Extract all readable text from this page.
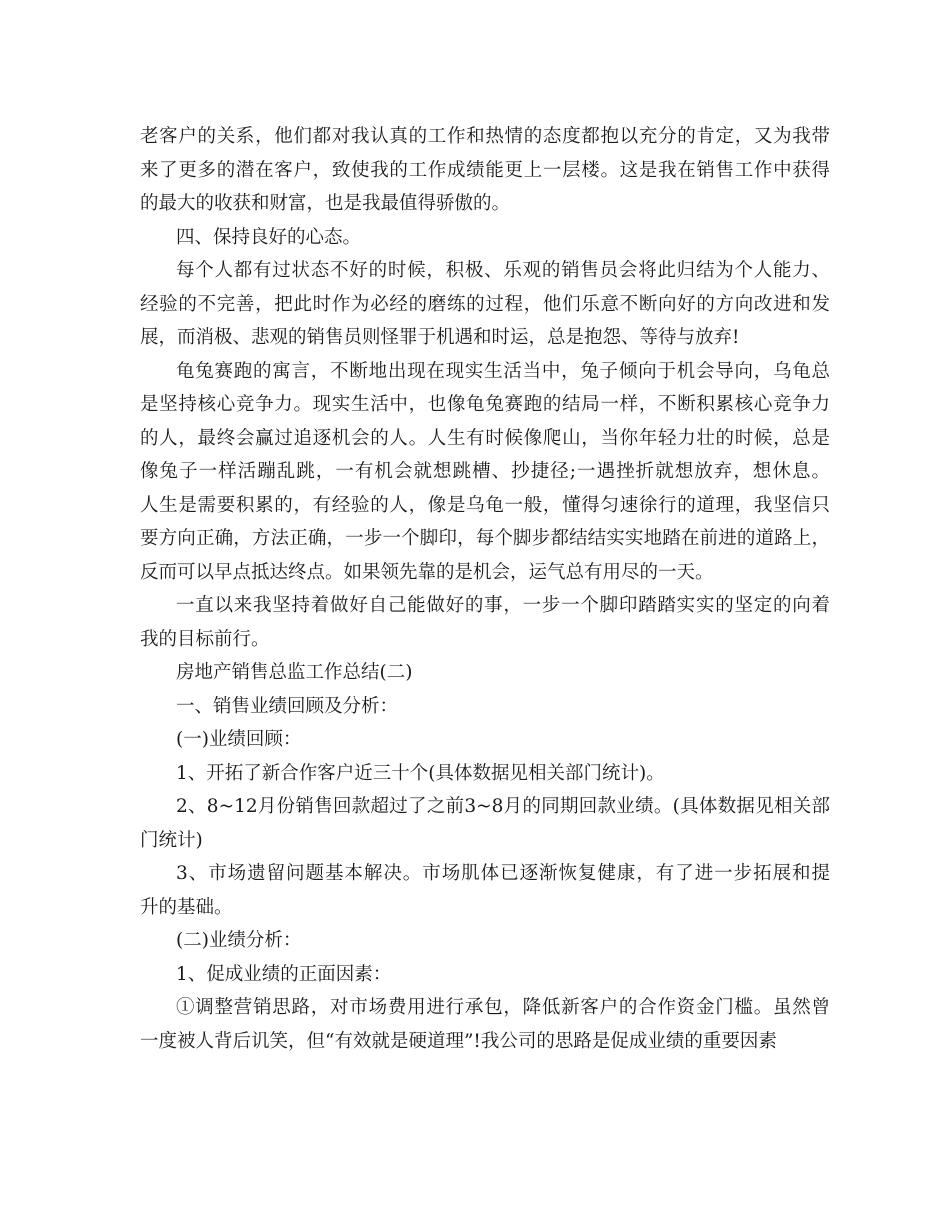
老客户的关系，他们都对我认真的工作和热情的态度都抱以充分的肯定，又为我带
来了更多的潜在客户，致使我的工作成绩能更上一层楼。这是我在销售工作中获得
的最大的收获和财富，也是我最值得骄傲的。
四、保持良好的心态。
每个人都有过状态不好的时候，积极、乐观的销售员会将此归结为个人能力、
经验的不完善，把此时作为必经的磨练的过程，他们乐意不断向好的方向改进和发
展，而消极、悲观的销售员则怪罪于机遇和时运，总是抱怨、等待与放弃!
龟兔赛跑的寓言，不断地出现在现实生活当中，兔子倾向于机会导向，乌龟总
是坚持核心竞争力。现实生活中，也像龟兔赛跑的结局一样，不断积累核心竞争力
的人，最终会赢过追逐机会的人。人生有时候像爬山，当你年轻力壮的时候，总是
像兔子一样活蹦乱跳，一有机会就想跳槽、抄捷径;一遇挫折就想放弃，想休息。
人生是需要积累的，有经验的人，像是乌龟一般，懂得匀速徐行的道理，我坚信只
要方向正确，方法正确，一步一个脚印，每个脚步都结结实实地踏在前进的道路上，
反而可以早点抵达终点。如果领先靠的是机会，运气总有用尽的一天。
一直以来我坚持着做好自己能做好的事，一步一个脚印踏踏实实的坚定的向着
我的目标前行。
房地产销售总监工作总结(二)
一、销售业绩回顾及分析：
(一)业绩回顾：
1、开拓了新合作客户近三十个(具体数据见相关部门统计)。
2、8~12月份销售回款超过了之前3~8月的同期回款业绩。(具体数据见相关部
门统计)
3、市场遗留问题基本解决。市场肌体已逐渐恢复健康，有了进一步拓展和提
升的基础。
(二)业绩分析：
1、促成业绩的正面因素：
①调整营销思路，对市场费用进行承包，降低新客户的合作资金门槛。虽然曾
一度被人背后讥笑，但“有效就是硬道理”!我公司的思路是促成业绩的重要因素
